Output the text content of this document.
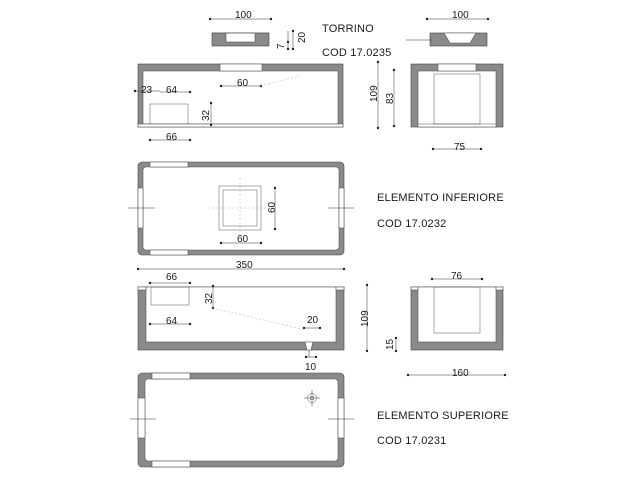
100	100
7
20
TORRINO
COD 17.0235
23 64
60
32
66
109 83
75
60
60
ELEMENTO INFERIORE
COD 17.0232
350
66
32
64	20
10
109
15
76
160
ELEMENTO SUPERIORE
COD 17.0231
